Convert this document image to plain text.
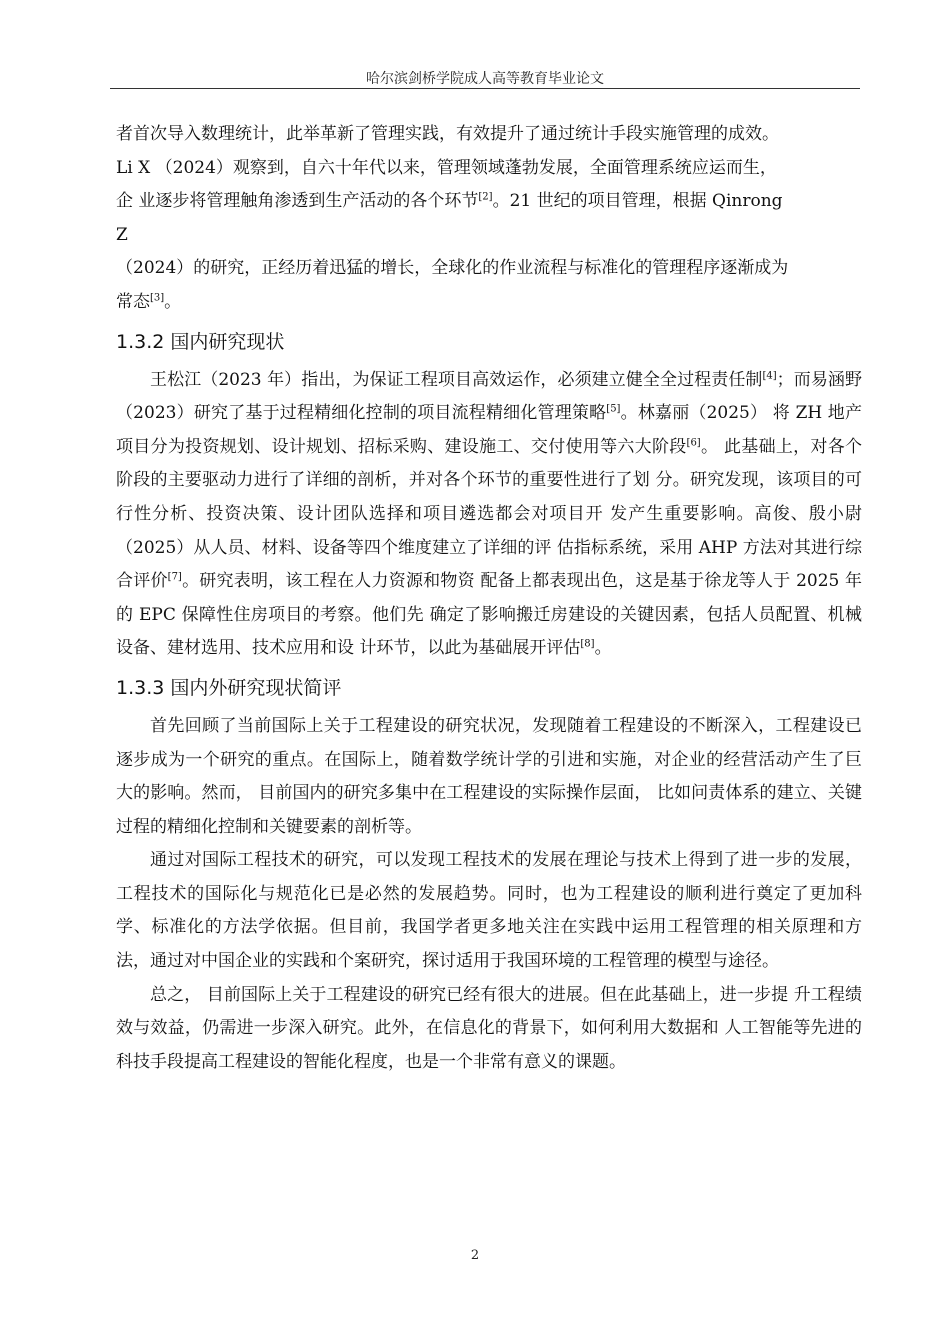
哈尔滨剑桥学院成人高等教育毕业论文

者首次导入数理统计，此举革新了管理实践，有效提升了通过统计手段实施管理的成效。

Li X （2024）观察到，自六十年代以来，管理领域蓬勃发展，全面管理系统应运而生，

企 业逐步将管理触角渗透到生产活动的各个环节[2]。21 世纪的项目管理，根据 Qinrong

Z

（2024）的研究，正经历着迅猛的增长，全球化的作业流程与标准化的管理程序逐渐成为

常态[3]。

1.3.2 国内研究现状

王松江（2023 年）指出，为保证工程项目高效运作，必须建立健全全过程责任制[4]；而易涵野（2023）研究了基于过程精细化控制的项目流程精细化管理策略[5]。林嘉丽（2025） 将 ZH 地产项目分为投资规划、设计规划、招标采购、建设施工、交付使用等六大阶段[6]。 此基础上，对各个阶段的主要驱动力进行了详细的剖析，并对各个环节的重要性进行了划 分。研究发现，该项目的可行性分析、投资决策、设计团队选择和项目遴选都会对项目开 发产生重要影响。高俊、殷小尉（2025）从人员、材料、设备等四个维度建立了详细的评 估指标系统，采用 AHP 方法对其进行综合评价[7]。研究表明，该工程在人力资源和物资 配备上都表现出色，这是基于徐龙等人于 2025 年的 EPC 保障性住房项目的考察。他们先 确定了影响搬迁房建设的关键因素，包括人员配置、机械设备、建材选用、技术应用和设 计环节，以此为基础展开评估[8]。

1.3.3 国内外研究现状简评

首先回顾了当前国际上关于工程建设的研究状况，发现随着工程建设的不断深入，工程建设已逐步成为一个研究的重点。在国际上，随着数学统计学的引进和实施，对企业的经营活动产生了巨大的影响。然而， 目前国内的研究多集中在工程建设的实际操作层面， 比如问责体系的建立、关键过程的精细化控制和关键要素的剖析等。

通过对国际工程技术的研究，可以发现工程技术的发展在理论与技术上得到了进一步的发展，工程技术的国际化与规范化已是必然的发展趋势。同时，也为工程建设的顺利进行奠定了更加科学、标准化的方法学依据。但目前，我国学者更多地关注在实践中运用工程管理的相关原理和方法，通过对中国企业的实践和个案研究，探讨适用于我国环境的工程管理的模型与途径。

总之， 目前国际上关于工程建设的研究已经有很大的进展。但在此基础上，进一步提 升工程绩效与效益，仍需进一步深入研究。此外，在信息化的背景下，如何利用大数据和 人工智能等先进的科技手段提高工程建设的智能化程度，也是一个非常有意义的课题。

2
